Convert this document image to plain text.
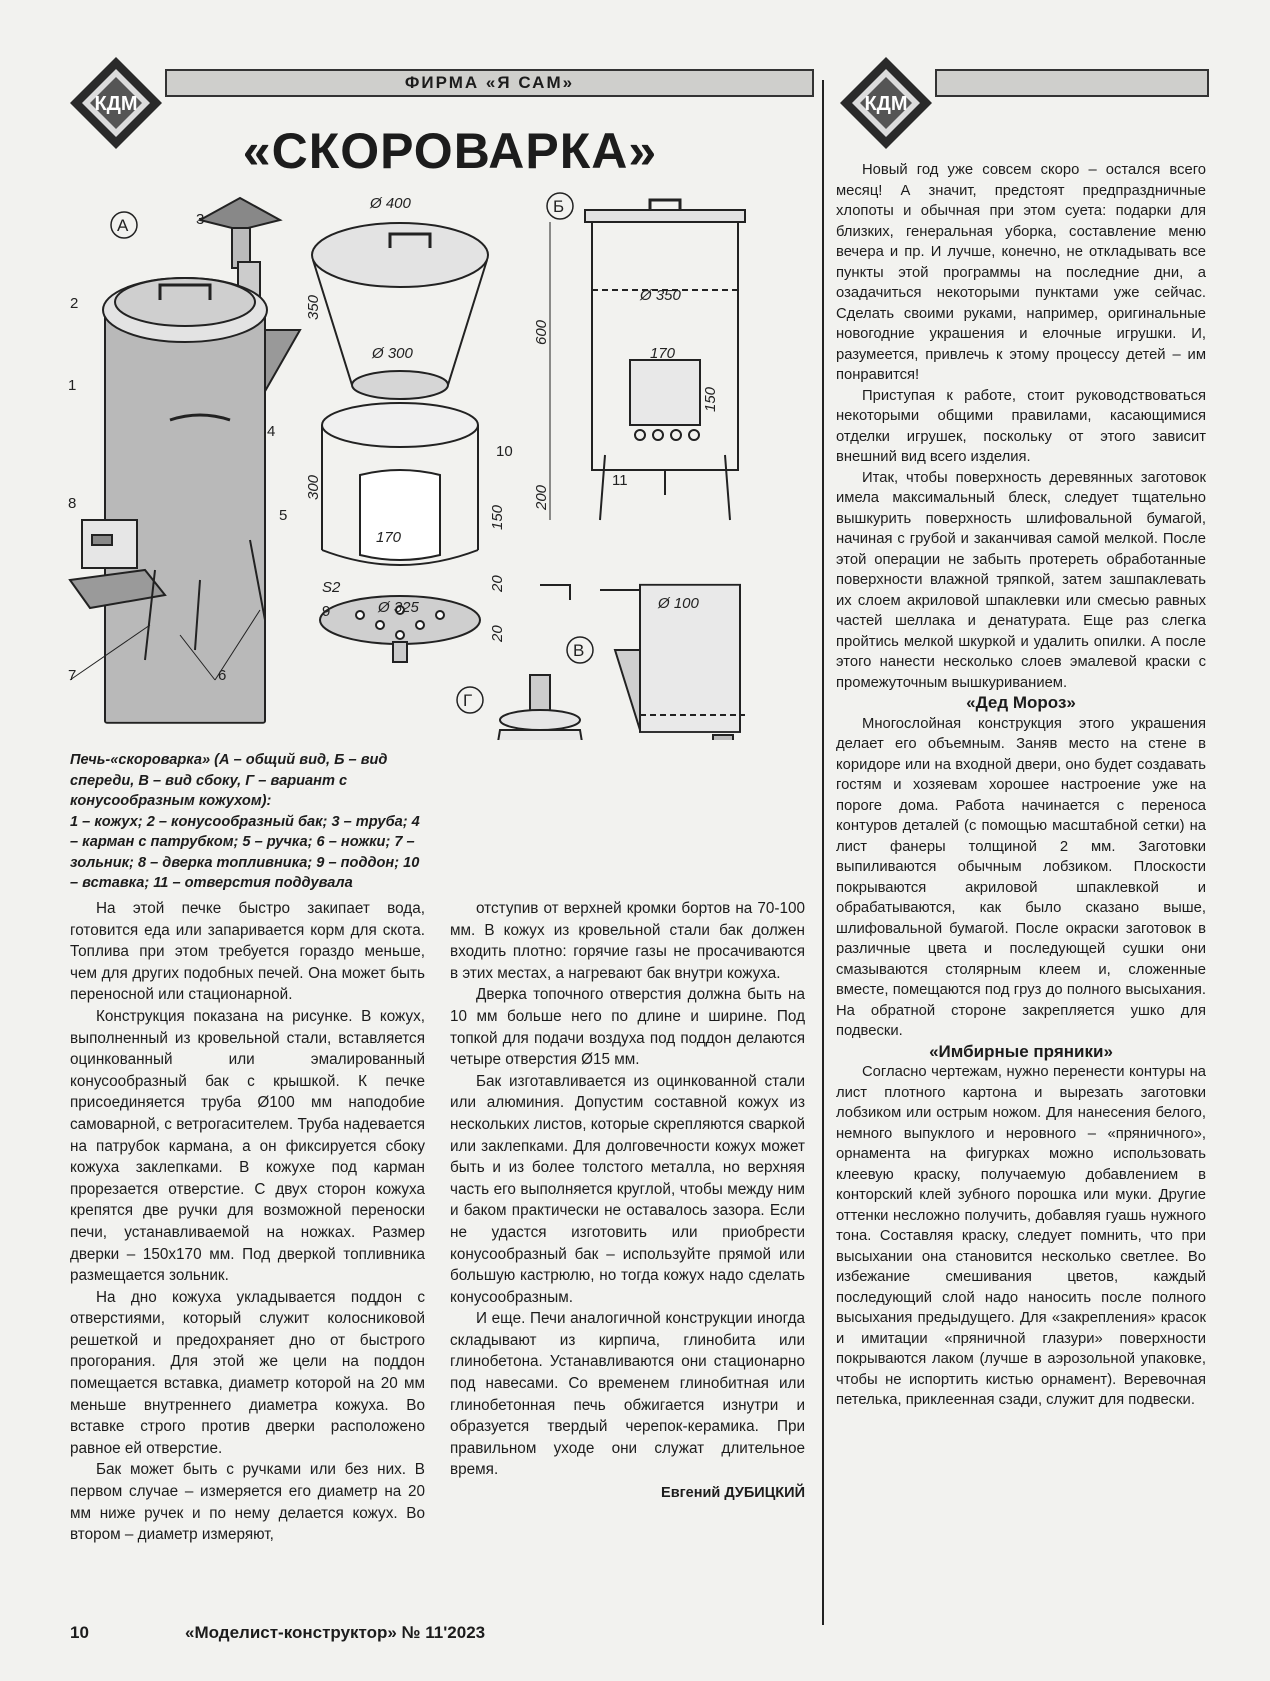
КДМ
ФИРМА «Я САМ»
КДМ
«СКОРОВАРКА»
А
Б
В
Г
1
2
3
4
5
6
7
8
9
10
11
Ø 400
350
Ø 300
300
170
150
20
20
S2
Ø 325
600
Ø 350
170
150
200
Ø 100

Печь-«скороварка» (А – общий вид, Б – вид спереди, В – вид сбоку, Г – вариант с конусообразным кожухом):

1 – кожух; 2 – конусообразный бак; 3 – труба; 4 – карман с патрубком; 5 – ручка; 6 – ножки; 7 – зольник; 8 – дверка топливника; 9 – поддон; 10 – вставка; 11 – отверстия поддувала

На этой печке быстро закипает вода, готовится еда или запаривается корм для скота. Топлива при этом требуется гораздо меньше, чем для других подобных печей. Она может быть переносной или стационарной.

Конструкция показана на рисунке. В кожух, выполненный из кровельной стали, вставляется оцинкованный или эмалированный конусообразный бак с крышкой. К печке присоединяется труба Ø100 мм наподобие самоварной, с ветрогасителем. Труба надевается на патрубок кармана, а он фиксируется сбоку кожуха заклепками. В кожухе под карман прорезается отверстие. С двух сторон кожуха крепятся две ручки для возможной переноски печи, устанавливаемой на ножках. Размер дверки – 150х170 мм. Под дверкой топливника размещается зольник.

На дно кожуха укладывается поддон с отверстиями, который служит колосниковой решеткой и предохраняет дно от быстрого прогорания. Для этой же цели на поддон помещается вставка, диаметр которой на 20 мм меньше внутреннего диаметра кожуха. Во вставке строго против дверки расположено равное ей отверстие.

Бак может быть с ручками или без них. В первом случае – измеряется его диаметр на 20 мм ниже ручек и по нему делается кожух. Во втором – диаметр измеряют,

отступив от верхней кромки бортов на 70-100 мм. В кожух из кровельной стали бак должен входить плотно: горячие газы не просачиваются в этих местах, а нагревают бак внутри кожуха.

Дверка топочного отверстия должна быть на 10 мм больше него по длине и ширине. Под топкой для подачи воздуха под поддон делаются четыре отверстия Ø15 мм.

Бак изготавливается из оцинкованной стали или алюминия. Допустим составной кожух из нескольких листов, которые скрепляются сваркой или заклепками. Для долговечности кожух может быть и из более толстого металла, но верхняя часть его выполняется круглой, чтобы между ним и баком практически не оставалось зазора. Если не удастся изготовить или приобрести конусообразный бак – используйте прямой или большую кастрюлю, но тогда кожух надо сделать конусообразным.

И еще. Печи аналогичной конструкции иногда складывают из кирпича, глинобита или глинобетона. Устанавливаются они стационарно под навесами. Со временем глинобитная или глинобетонная печь обжигается изнутри и образуется твердый черепок-керамика. При правильном уходе они служат длительное время.

Евгений ДУБИЦКИЙ

Новый год уже совсем скоро – остался всего месяц! А значит, предстоят предпраздничные хлопоты и обычная при этом суета: подарки для близких, генеральная уборка, составление меню вечера и пр. И лучше, конечно, не откладывать все пункты этой программы на последние дни, а озадачиться некоторыми пунктами уже сейчас. Сделать своими руками, например, оригинальные новогодние украшения и елочные игрушки. И, разумеется, привлечь к этому процессу детей – им понравится!

Приступая к работе, стоит руководствоваться некоторыми общими правилами, касающимися отделки игрушек, поскольку от этого зависит внешний вид всего изделия.

Итак, чтобы поверхность деревянных заготовок имела максимальный блеск, следует тщательно вышкурить поверхность шлифовальной бумагой, начиная с грубой и заканчивая самой мелкой. После этой операции не забыть протереть обработанные поверхности влажной тряпкой, затем зашпаклевать их слоем акриловой шпаклевки или смесью равных частей шеллака и денатурата. Еще раз слегка пройтись мелкой шкуркой и удалить опилки. А после этого нанести несколько слоев эмалевой краски с промежуточным вышкуриванием.

«Дед Мороз»

Многослойная конструкция этого украшения делает его объемным. Заняв место на стене в коридоре или на входной двери, оно будет создавать гостям и хозяевам хорошее настроение уже на пороге дома. Работа начинается с переноса контуров деталей (с помощью масштабной сетки) на лист фанеры толщиной 2 мм. Заготовки выпиливаются обычным лобзиком. Плоскости покрываются акриловой шпаклевкой и обрабатываются, как было сказано выше, шлифовальной бумагой. После окраски заготовок в различные цвета и последующей сушки они смазываются столярным клеем и, сложенные вместе, помещаются под груз до полного высыхания. На обратной стороне закрепляется ушко для подвески.

«Имбирные пряники»

Согласно чертежам, нужно перенести контуры на лист плотного картона и вырезать заготовки лобзиком или острым ножом. Для нанесения белого, немного выпуклого и неровного – «пряничного», орнамента на фигурках можно использовать клеевую краску, получаемую добавлением в конторский клей зубного порошка или муки. Другие оттенки несложно получить, добавляя гуашь нужного тона. Составляя краску, следует помнить, что при высыхании она становится несколько светлее. Во избежание смешивания цветов, каждый последующий слой надо наносить после полного высыхания предыдущего. Для «закрепления» красок и имитации «пряничной глазури» поверхности покрываются лаком (лучше в аэрозольной упаковке, чтобы не испортить кистью орнамент). Веревочная петелька, приклеенная сзади, служит для подвески.

10	«Моделист-конструктор» № 11'2023
